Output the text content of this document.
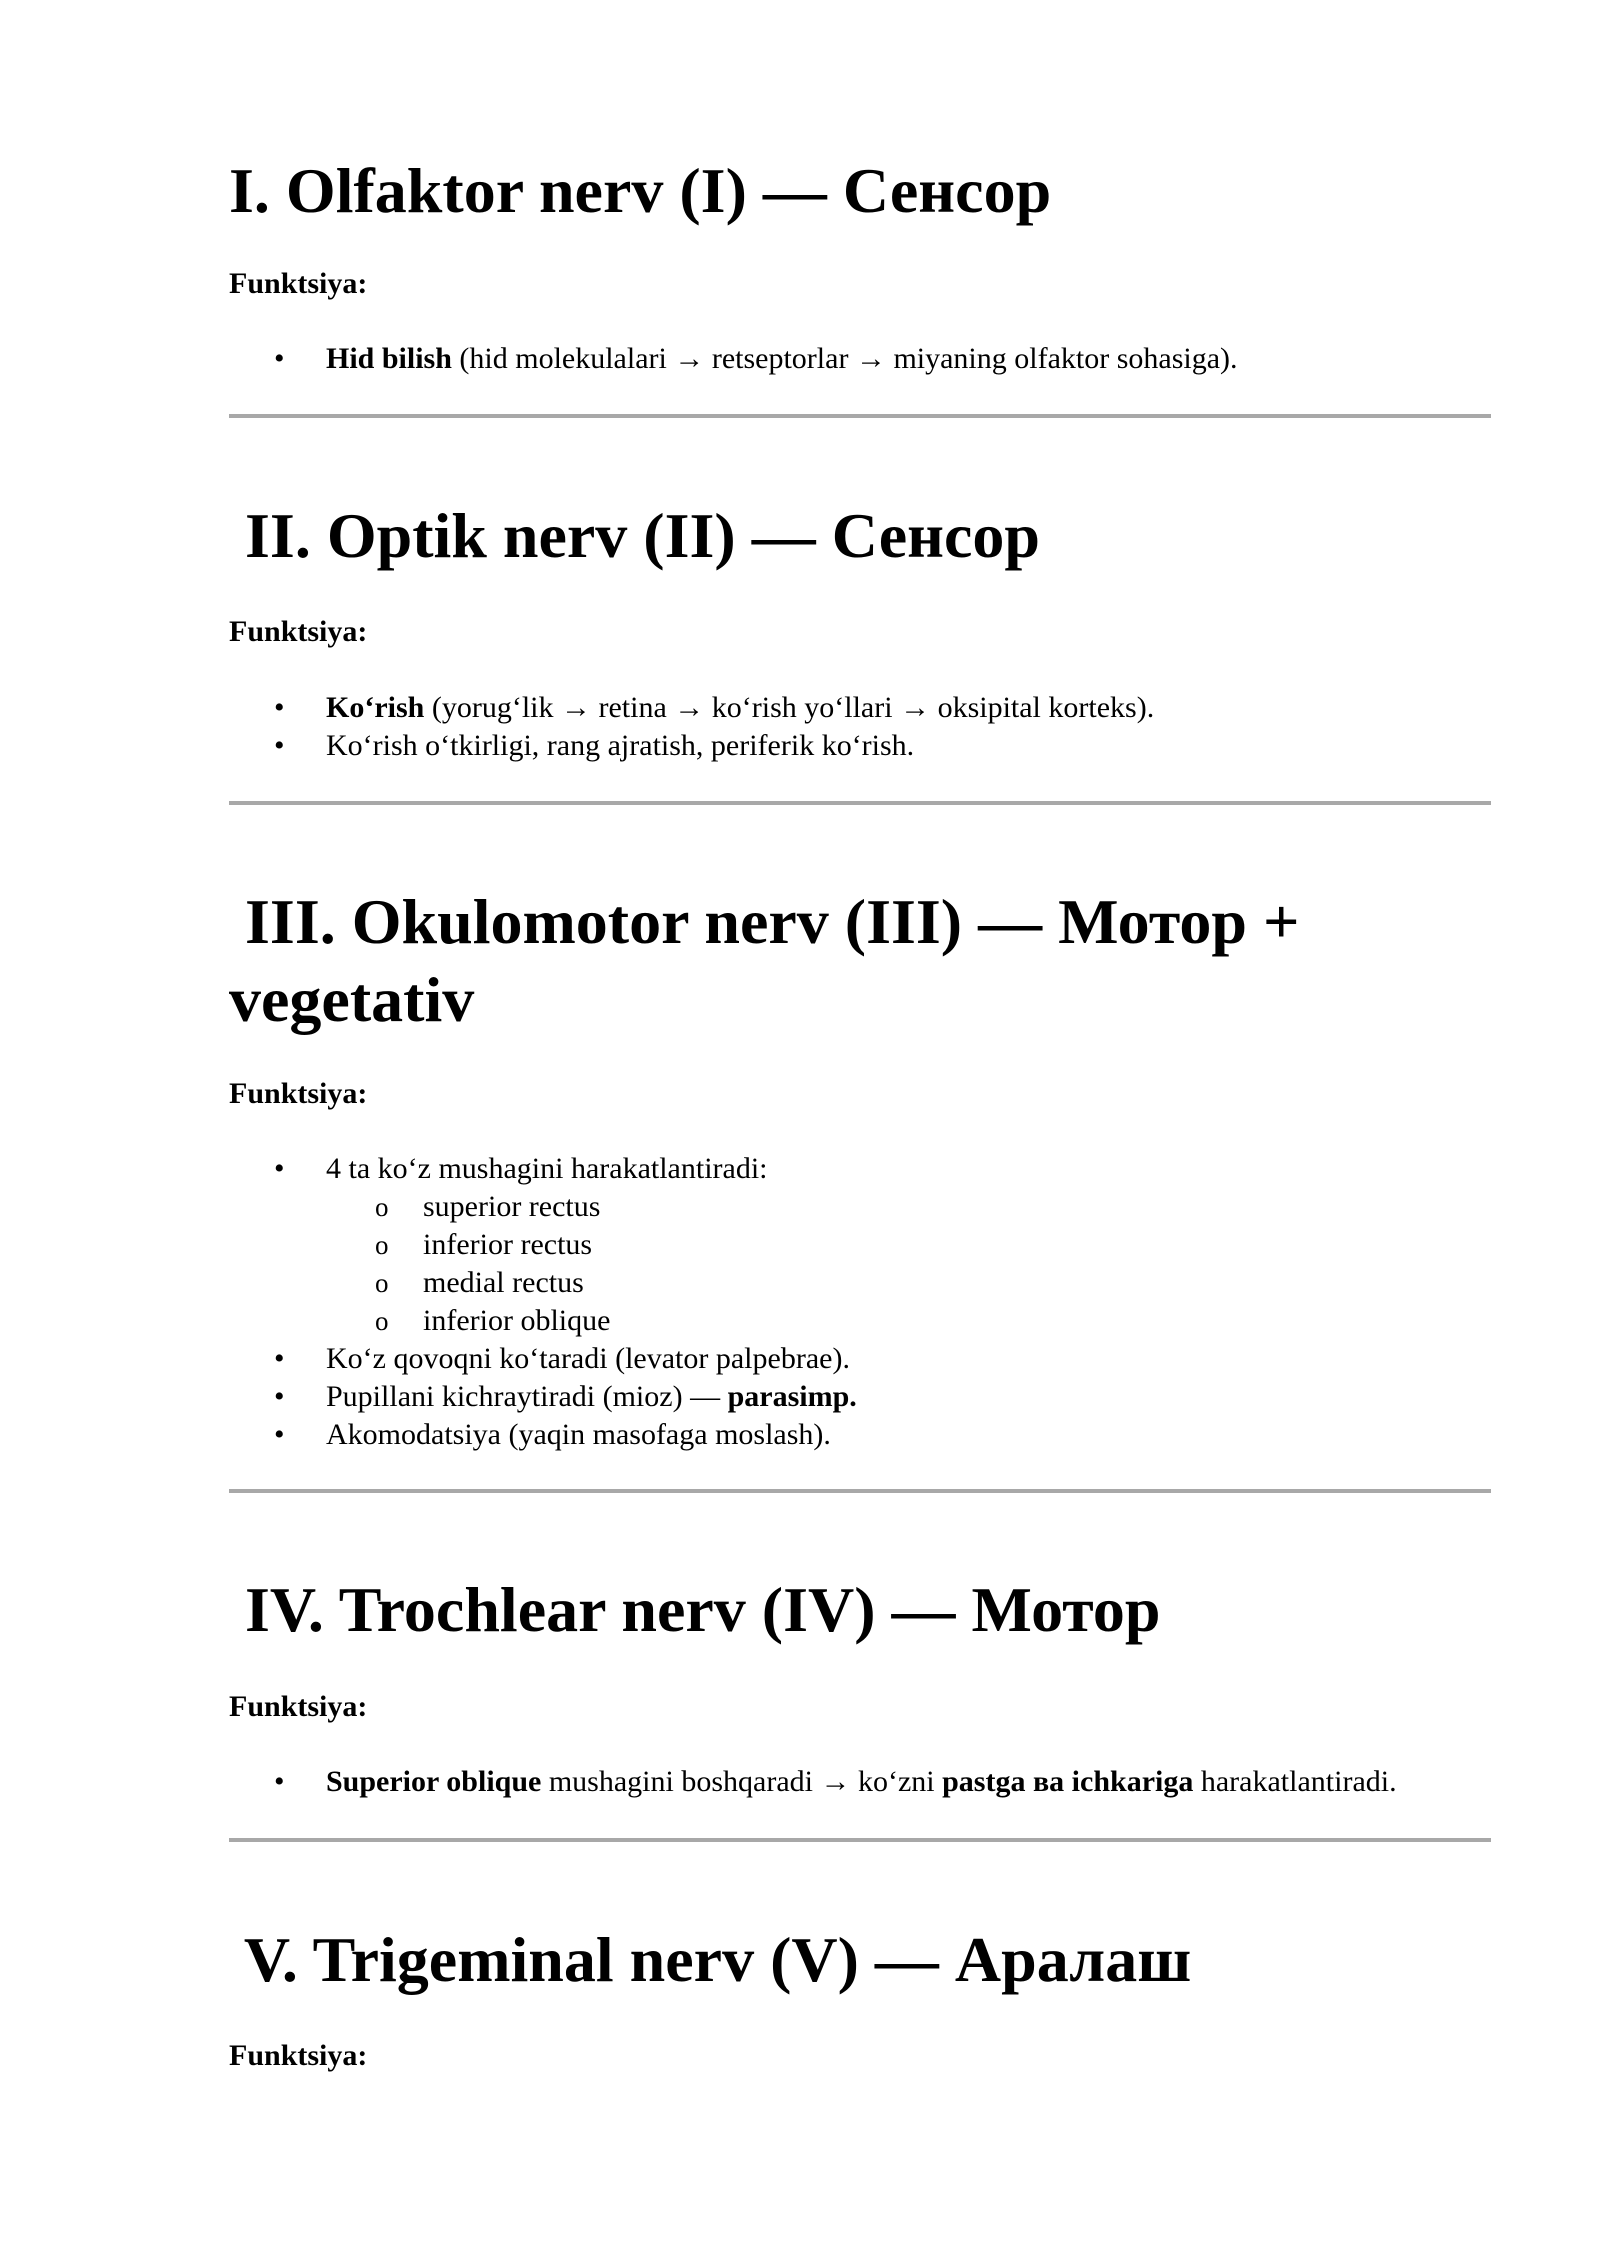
I. Olfaktor nerv (I) — Сенсор

Funktsiya:

• Hid bilish (hid molekulalari → retseptorlar → miyaning olfaktor sohasiga).
II. Optik nerv (II) — Сенсор

Funktsiya:

• Koʻrish (yorugʻlik → retina → koʻrish yoʻllari → oksipital korteks).
• Koʻrish oʻtkirligi, rang ajratish, periferik koʻrish.
III. Okulomotor nerv (III) — Мотор +
vegetativ

Funktsiya:

• 4 ta koʻz mushagini harakatlantiradi:
o superior rectus
o inferior rectus
o medial rectus
o inferior oblique
• Koʻz qovoqni koʻtaradi (levator palpebrae).
• Pupillani kichraytiradi (mioz) — parasimp.
• Akomodatsiya (yaqin masofaga moslash).
IV. Trochlear nerv (IV) — Мотор

Funktsiya:

• Superior oblique mushagini boshqaradi → koʻzni pastga ва ichkariga harakatlantiradi.
V. Trigeminal nerv (V) — Аралаш

Funktsiya:
